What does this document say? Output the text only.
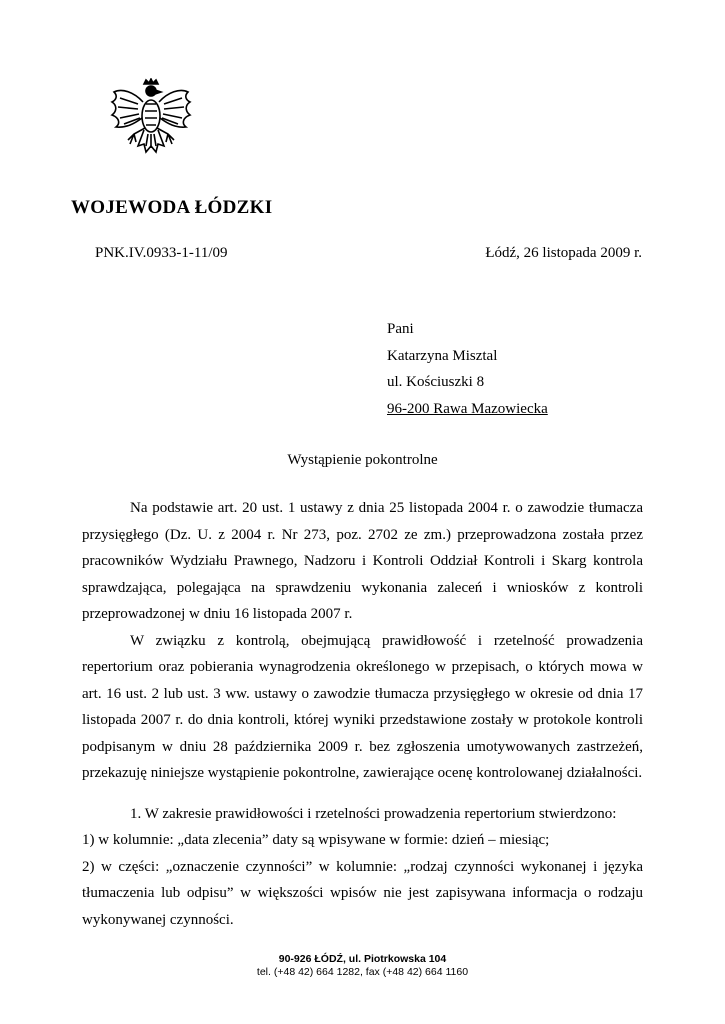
WOJEWODA ŁÓDZKI
PNK.IV.0933-1-11/09	Łódź, 26 listopada 2009 r.
Pani
Katarzyna Misztal
ul. Kościuszki 8
96-200 Rawa Mazowiecka
Wystąpienie pokontrolne

Na podstawie art. 20 ust. 1 ustawy z dnia 25 listopada 2004 r. o zawodzie tłumacza przysięgłego (Dz. U. z 2004 r. Nr 273, poz. 2702 ze zm.) przeprowadzona została przez pracowników Wydziału Prawnego, Nadzoru i Kontroli Oddział Kontroli i Skarg kontrola sprawdzająca, polegająca na sprawdzeniu wykonania zaleceń i wniosków z kontroli przeprowadzonej w dniu 16 listopada 2007 r.

W związku z kontrolą, obejmującą prawidłowość i rzetelność prowadzenia repertorium oraz pobierania wynagrodzenia określonego w przepisach, o których mowa w art. 16 ust. 2 lub ust. 3 ww. ustawy o zawodzie tłumacza przysięgłego w okresie od dnia 17 listopada 2007 r. do dnia kontroli, której wyniki przedstawione zostały w protokole kontroli podpisanym w dniu 28 października 2009 r. bez zgłoszenia umotywowanych zastrzeżeń, przekazuję niniejsze wystąpienie pokontrolne, zawierające ocenę kontrolowanej działalności.

1. W zakresie prawidłowości i rzetelności prowadzenia repertorium stwierdzono:

1) w kolumnie: „data zlecenia” daty są wpisywane w formie: dzień – miesiąc;

2) w części: „oznaczenie czynności” w kolumnie: „rodzaj czynności wykonanej i języka tłumaczenia lub odpisu” w większości wpisów nie jest zapisywana informacja o rodzaju wykonywanej czynności.

90-926 ŁÓDŹ, ul. Piotrkowska 104
tel. (+48 42) 664 1282, fax (+48 42) 664 1160
